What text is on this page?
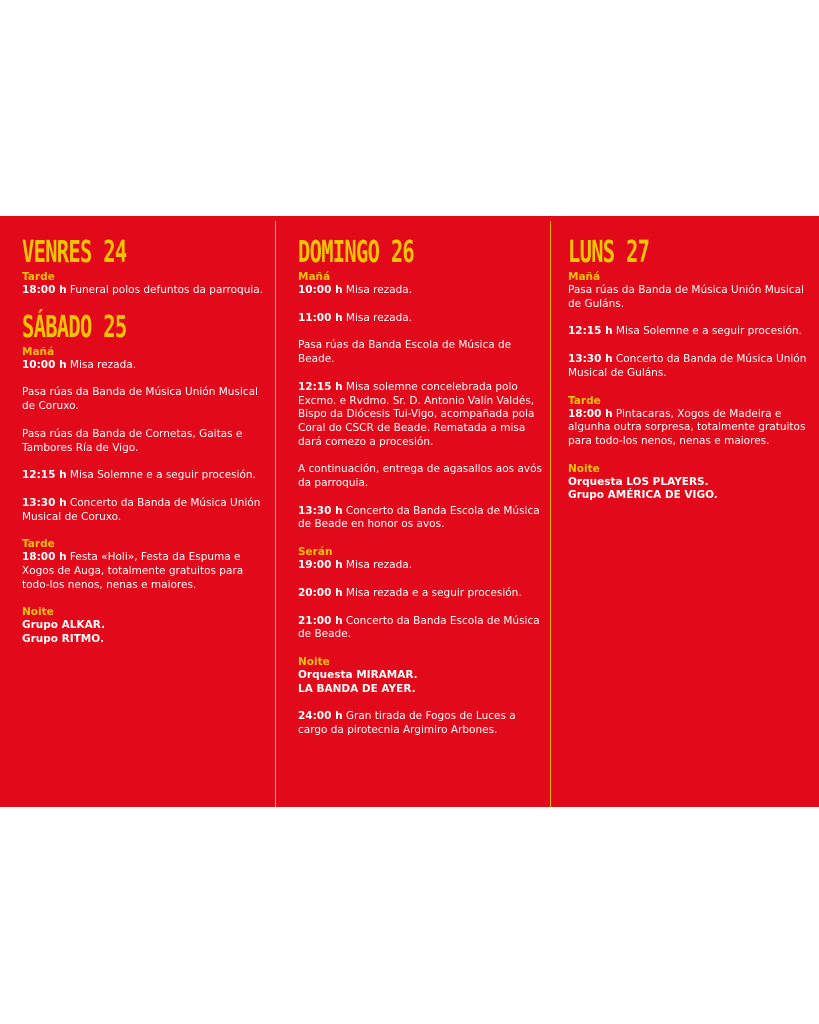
VENRES 24
Tarde
18:00 h Funeral polos defuntos da parroquia.
SÁBADO 25
Mañá
10:00 h Misa rezada.
Pasa rúas da Banda de Música Unión Musical de Coruxo.
Pasa rúas da Banda de Cornetas, Gaitas e Tambores Ría de Vigo.
12:15 h Misa Solemne e a seguir procesión.
13:30 h Concerto da Banda de Música Unión Musical de Coruxo.
Tarde
18:00 h Festa «Holi», Festa da Espuma e Xogos de Auga, totalmente gratuitos para todo-los nenos, nenas e maiores.
Noite
Grupo ALKAR.
Grupo RITMO.
DOMINGO 26
Mañá
10:00 h Misa rezada.
11:00 h Misa rezada.
Pasa rúas da Banda Escola de Música de Beade.
12:15 h Misa solemne concelebrada polo Excmo. e Rvdmo. Sr. D. Antonio Valín Valdés, Bispo da Diócesis Tui-Vigo, acompañada pola Coral do CSCR de Beade. Rematada a misa dará comezo a procesión.
A continuación, entrega de agasallos aos avós da parroquia.
13:30 h Concerto da Banda Escola de Música de Beade en honor os avos.
Serán
19:00 h Misa rezada.
20:00 h Misa rezada e a seguir procesión.
21:00 h Concerto da Banda Escola de Música de Beade.
Noite
Orquesta MIRAMAR.
LA BANDA DE AYER.
24:00 h Gran tirada de Fogos de Luces a cargo da pirotecnia Argimiro Arbones.
LUNS 27
Mañá
Pasa rúas da Banda de Música Unión Musical de Guláns.
12:15 h Misa Solemne e a seguir procesión.
13:30 h Concerto da Banda de Música Unión Musical de Guláns.
Tarde
18:00 h Pintacaras, Xogos de Madeira e algunha outra sorpresa, totalmente gratuitos para todo-los nenos, nenas e maiores.
Noite
Orquesta LOS PLAYERS.
Grupo AMÉRICA DE VIGO.
